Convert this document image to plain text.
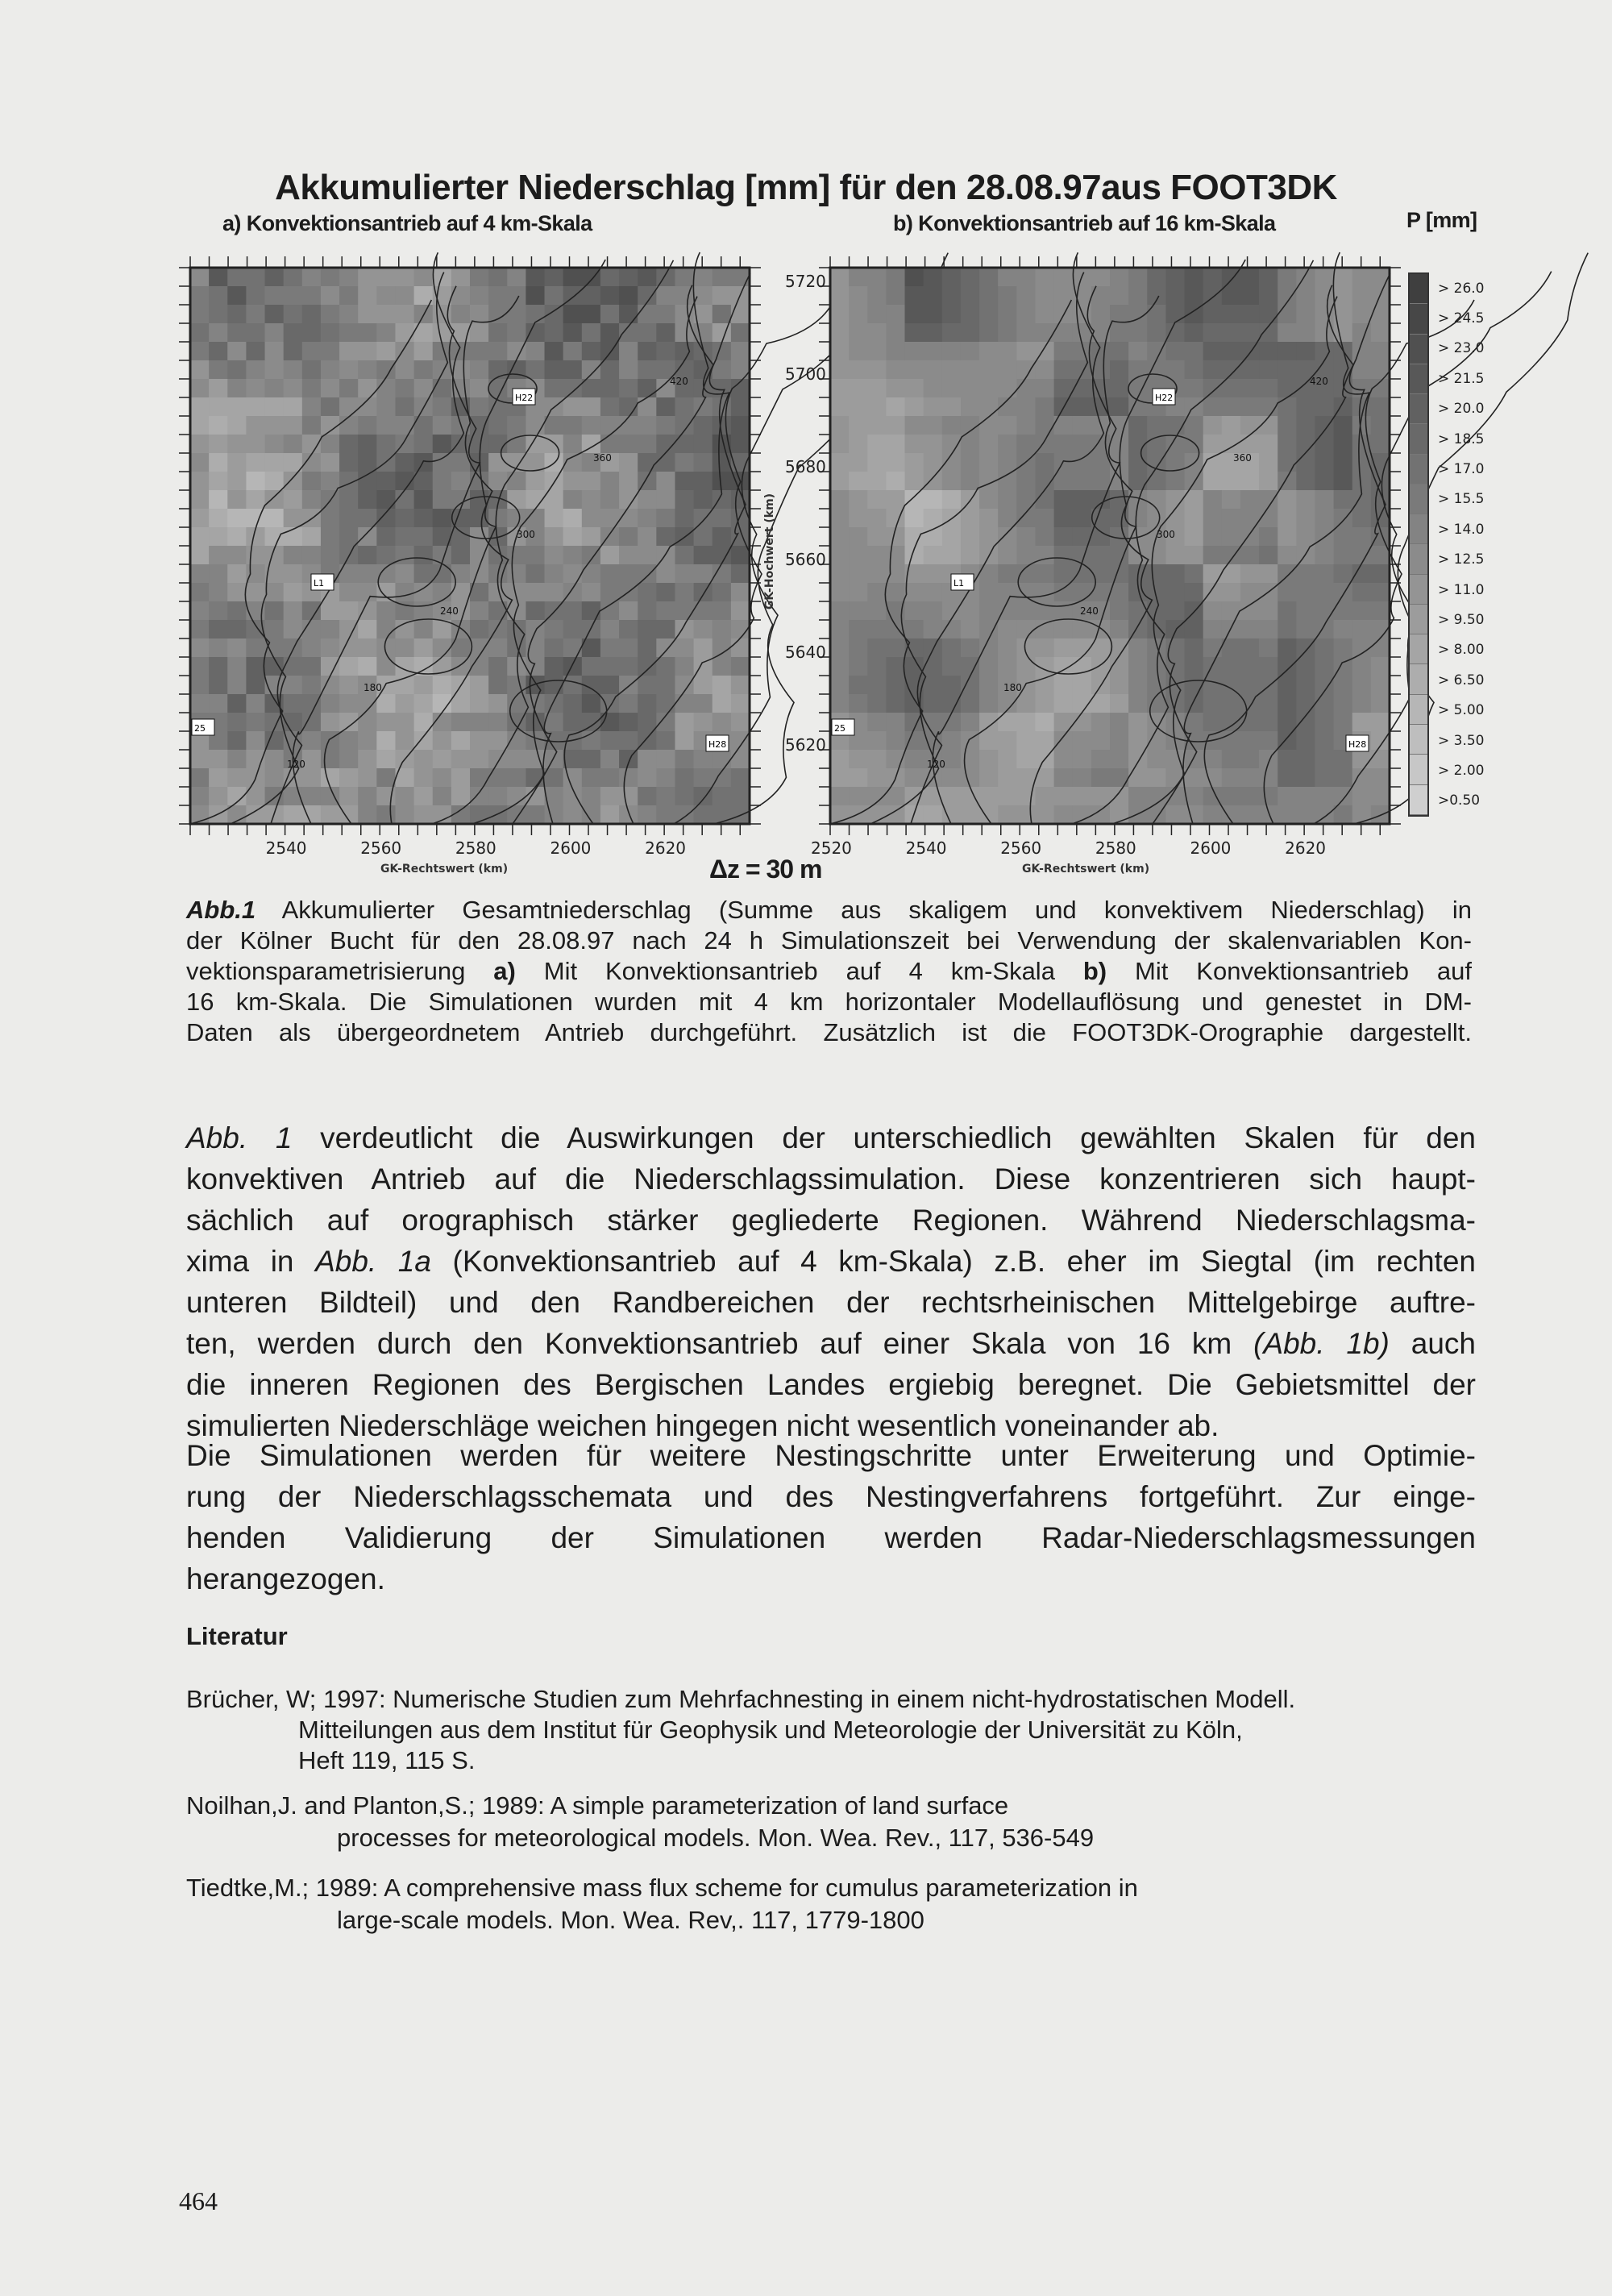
Akkumulierter Niederschlag [mm] für den 28.08.97aus FOOT3DK
a) Konvektionsantrieb auf 4 km-Skala	b) Konvektionsantrieb auf 16 km-Skala	P [mm]
120
180
240
300
360
420
H22
L1
25
H28
120
180
240
300
360
420
H22
L1
25
H28
2540	2560	2580	2600	2620	2520	2540	2560	2580	2600	2620
5720
5700
5680
5660
5640
5620
GK-Rechtswert (km)	GK-Rechtswert (km)
GK-Hochwert (km)
Δz = 30 m
> 26.0
> 24.5
> 23.0
> 21.5
> 20.0
> 18.5
> 17.0
> 15.5
> 14.0
> 12.5
> 11.0
> 9.50
> 8.00
> 6.50
> 5.00
> 3.50
> 2.00
>0.50
Abb.1 Akkumulierter Gesamtniederschlag (Summe aus skaligem und konvektivem Niederschlag) in
der Kölner Bucht für den 28.08.97 nach 24 h Simulationszeit bei Verwendung der skalenvariablen Kon-
vektionsparametrisierung a) Mit Konvektionsantrieb auf 4 km-Skala b) Mit Konvektionsantrieb auf
16 km-Skala. Die Simulationen wurden mit 4 km horizontaler Modellauflösung und genestet in DM-
Daten als übergeordnetem Antrieb durchgeführt. Zusätzlich ist die FOOT3DK-Orographie dargestellt.
Abb. 1 verdeutlicht die Auswirkungen der unterschiedlich gewählten Skalen für den
konvektiven Antrieb auf die Niederschlagssimulation. Diese konzentrieren sich haupt-
sächlich auf orographisch stärker gegliederte Regionen. Während Niederschlagsma-
xima in Abb. 1a (Konvektionsantrieb auf 4 km-Skala) z.B. eher im Siegtal (im rechten
unteren Bildteil) und den Randbereichen der rechtsrheinischen Mittelgebirge auftre-
ten, werden durch den Konvektionsantrieb auf einer Skala von 16 km (Abb. 1b) auch
die inneren Regionen des Bergischen Landes ergiebig beregnet. Die Gebietsmittel der
simulierten Niederschläge weichen hingegen nicht wesentlich voneinander ab.
Die Simulationen werden für weitere Nestingschritte unter Erweiterung und Optimie-
rung der Niederschlagsschemata und des Nestingverfahrens fortgeführt. Zur einge-
henden Validierung der Simulationen werden Radar-Niederschlagsmessungen
herangezogen.
Literatur
Brücher, W; 1997: Numerische Studien zum Mehrfachnesting in einem nicht-hydrostatischen Modell.
Mitteilungen aus dem Institut für Geophysik und Meteorologie der Universität zu Köln,
Heft 119, 115 S.
Noilhan,J. and Planton,S.; 1989: A simple parameterization of land surface
processes for meteorological models. Mon. Wea. Rev., 117, 536-549
Tiedtke,M.; 1989: A comprehensive mass flux scheme for cumulus parameterization in
large-scale models. Mon. Wea. Rev,. 117, 1779-1800
464
